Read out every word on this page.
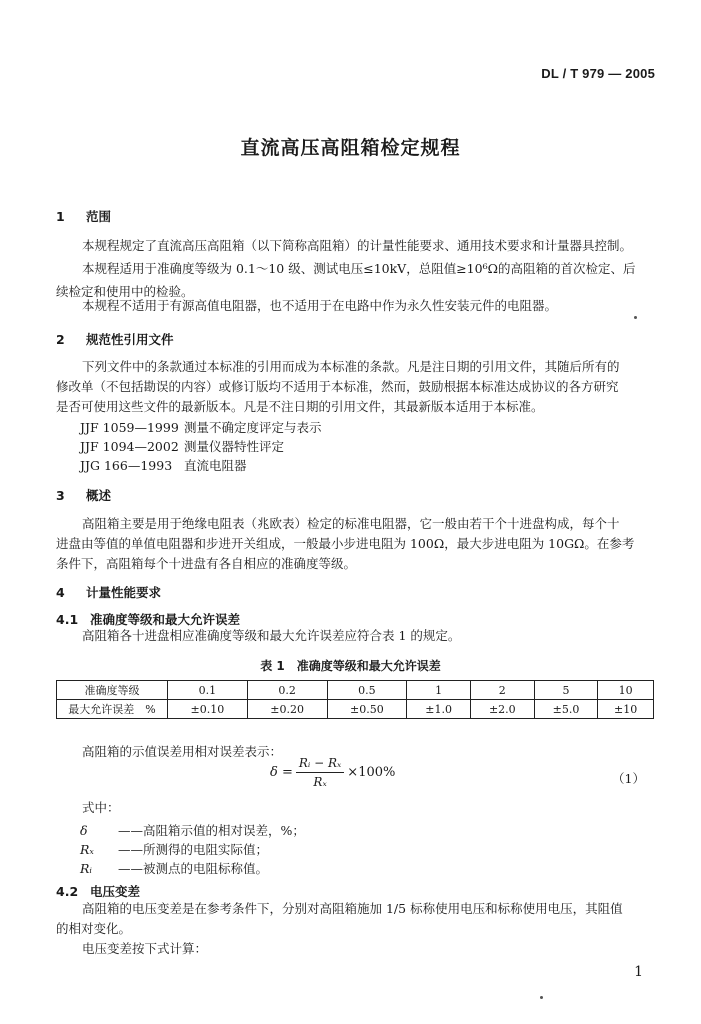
DL / T 979 — 2005
直流高压高阻箱检定规程
1 范围
本规程规定了直流高压高阻箱（以下简称高阻箱）的计量性能要求、通用技术要求和计量器具控制。
本规程适用于准确度等级为 0.1～10 级、测试电压≤10kV，总阻值≥10⁶Ω的高阻箱的首次检定、后
续检定和使用中的检验。
本规程不适用于有源高值电阻器，也不适用于在电路中作为永久性安装元件的电阻器。
2 规范性引用文件
下列文件中的条款通过本标准的引用而成为本标准的条款。凡是注日期的引用文件，其随后所有的
修改单（不包括勘误的内容）或修订版均不适用于本标准，然而，鼓励根据本标准达成协议的各方研究
是否可使用这些文件的最新版本。凡是不注日期的引用文件，其最新版本适用于本标准。
JJF 1059—1999 测量不确定度评定与表示
JJF 1094—2002 测量仪器特性评定
JJG 166—1993 直流电阻器
3 概述
高阻箱主要是用于绝缘电阻表（兆欧表）检定的标准电阻器，它一般由若干个十进盘构成，每个十
进盘由等值的单值电阻器和步进开关组成，一般最小步进电阻为 100Ω，最大步进电阻为 10GΩ。在参考
条件下，高阻箱每个十进盘有各自相应的准确度等级。
4 计量性能要求
4.1 准确度等级和最大允许误差
高阻箱各十进盘相应准确度等级和最大允许误差应符合表 1 的规定。
表 1　准确度等级和最大允许误差
准确度等级	0.1	0.2	0.5	1	2	5	10
最大允许误差　%	±0.10	±0.20	±0.50	±1.0	±2.0	±5.0	±10
高阻箱的示值误差用相对误差表示：
$\delta = \frac{\text{Rᵢ − Rₓ}}{\text{Rₓ}} \times 100\%$	（1）
式中：
δ ——高阻箱示值的相对误差，%；
Rₓ ——所测得的电阻实际值；
Rᵢ ——被测点的电阻标称值。
4.2 电压变差
高阻箱的电压变差是在参考条件下，分别对高阻箱施加 1/5 标称使用电压和标称使用电压，其阻值
的相对变化。
电压变差按下式计算：
1
